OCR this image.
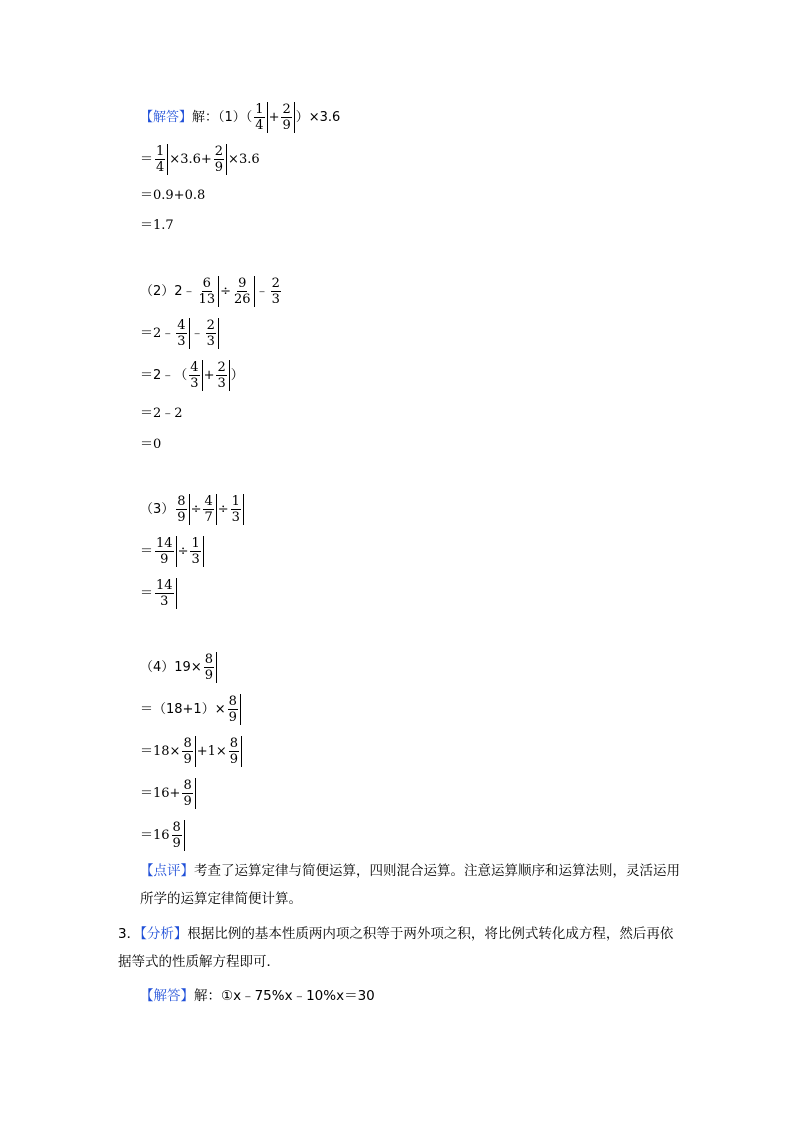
【解答】 解：（1）（ 1
4
+ $\frac{2}{9} )\times 3.6$
＝ $\frac{1}{4} \times 3.6+ \frac{2}{9} \times 3.6$
＝0.9+0.8
＝1.7
（2）2﹣ $\frac{6}{13} \div \frac{9}{26}$ ﹣ 2
3
＝2﹣ 4
3
﹣ 2
3
＝2﹣（ 4
3
+ $\frac{2}{3}$ ）
＝2﹣2
＝0
$(3) \frac{8}{9} \div \frac{4}{7} \div \frac{1}{3}$
＝ $\frac{14}{9} \div \frac{1}{3}$
＝ 14
3
$(4)19\times \frac{8}{9}$
$=(18+1)\times \frac{8}{9}$
$=18\times \frac{8}{9} +1\times \frac{8}{9}$
$=16+ \frac{8}{9}$
＝16 8
9
【点评】考查了运算定律与简便运算，四则混合运算。注意运算顺序和运算法则，灵活运用所学的运算定律简便计算。
3．【分析】根据比例的基本性质两内项之积等于两外项之积，将比例式转化成方程，然后再依据等式的性质解方程即可．
【解答】解：①x﹣75%x﹣10%x＝30
